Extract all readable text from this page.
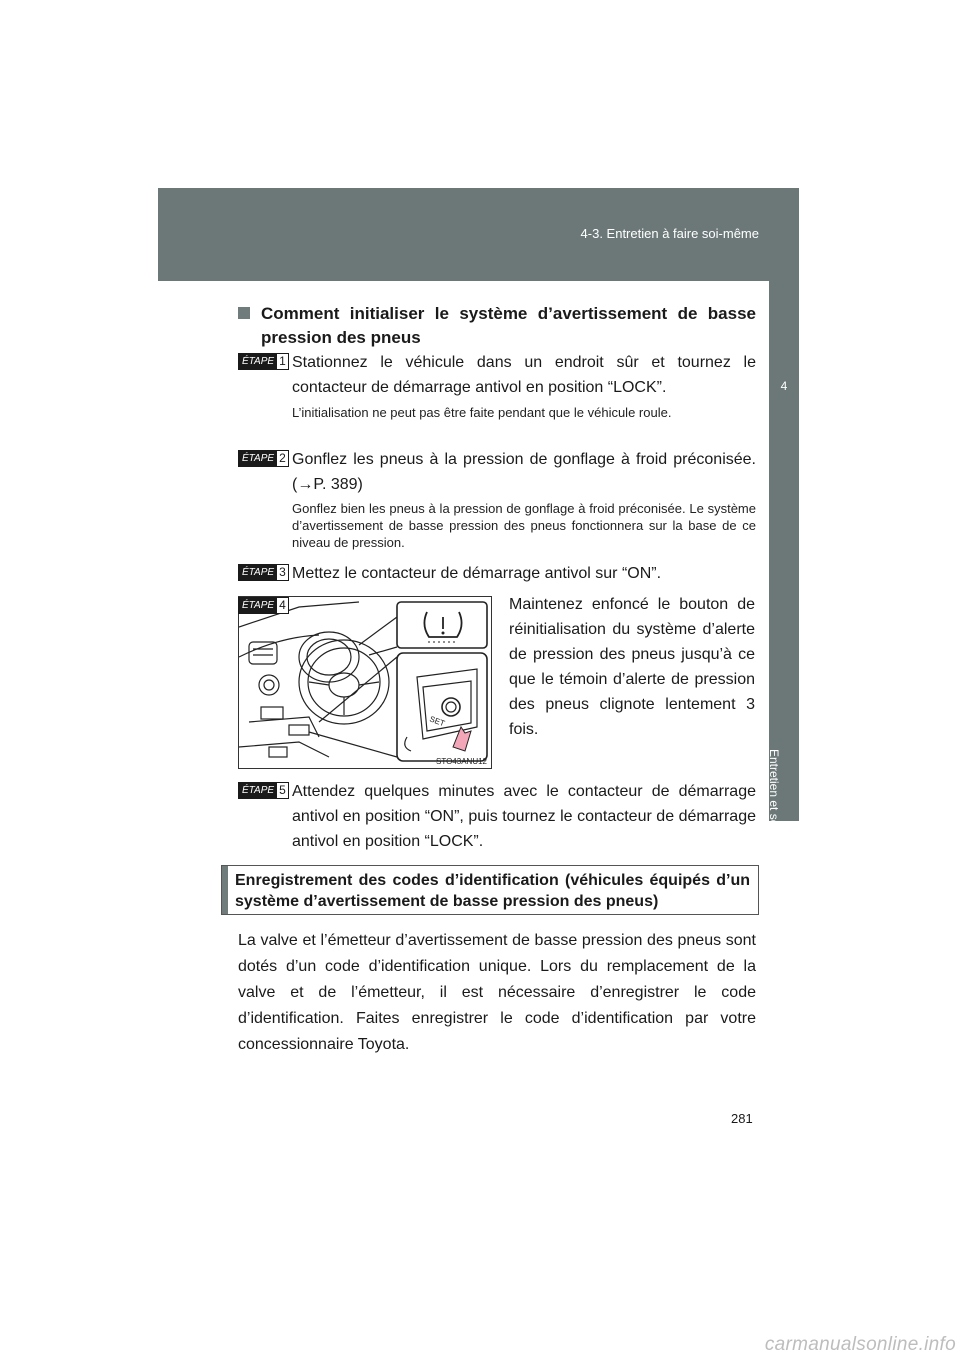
4-3. Entretien à faire soi-même
4
Entretien et soin
Comment initialiser le système d’avertissement de basse pression des pneus
ÉTAPE 1 Stationnez le véhicule dans un endroit sûr et tournez le contacteur de démarrage antivol en position “LOCK”.
L’initialisation ne peut pas être faite pendant que le véhicule roule.
ÉTAPE 2 Gonflez les pneus à la pression de gonflage à froid préconisée. (→P. 389)
Gonflez bien les pneus à la pression de gonflage à froid préconisée. Le système d’avertissement de basse pression des pneus fonctionnera sur la base de ce niveau de pression.
ÉTAPE 3 Mettez le contacteur de démarrage antivol sur “ON”.
SET
STO43ANU12
ÉTAPE 4	Maintenez enfoncé le bouton de réinitialisation du système d’alerte de pression des pneus jusqu’à ce que le témoin d’alerte de pression des pneus clignote lentement 3 fois.
ÉTAPE 5 Attendez quelques minutes avec le contacteur de démarrage antivol en position “ON”, puis tournez le contacteur de démarrage antivol en position “LOCK”.
Enregistrement des codes d’identification (véhicules équipés d’un système d’avertissement de basse pression des pneus)
La valve et l’émetteur d’avertissement de basse pression des pneus sont dotés d’un code d’identification unique. Lors du remplacement de la valve et de l’émetteur, il est nécessaire d’enregistrer le code d’identification. Faites enregistrer le code d’identification par votre concessionnaire Toyota.
281
carmanualsonline.info
